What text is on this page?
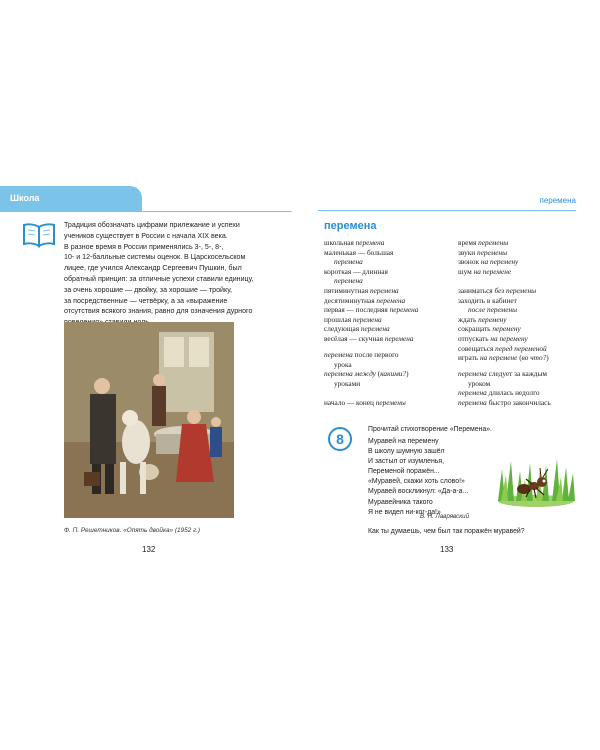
Школа	перемена
Традиция обозначать цифрами прилежание и успехи
учеников существует в России с начала XIX века.
В разное время в России применялись 3-, 5-, 8-,
10- и 12-балльные системы оценок. В Царскосельском
лицее, где учился Александр Сергеевич Пушкин, был
обратный принцип: за отличные успехи ставили единицу,
за очень хорошие — двойку, за хорошие — тройку,
за посредственные — четвёрку, а за «выражение
отсутствия всякого знания, равно для означения дурного
Ф. П. Решетников. «Опять двойка» (1952 г.)
132
перемена
школьная перемена
маленькая — большая
перемена
короткая — длинная
перемена
пятиминутная перемена
десятиминутная перемена
первая — последняя перемена
прошлая перемена
следующая перемена
весёлая — скучная перемена
время перемены
звуки перемены
звонок на перемену
шум на перемене
заниматься без перемены
заходить в кабинет
после перемены
ждать перемену
сокращать перемену
отпускать на перемену
совещаться перед переменой
играть на перемене (во что?)
перемена после первого
урока
перемена между (какими?)
уроками
начало — конец перемены
перемена следует за каждым
уроком
перемена длилась недолго
перемена быстро закончилась
8
Прочитай стихотворение «Перемена».
Муравей на перемену
В школу шумную зашёл
И застыл от изумленья,
Переменой поражён...
«Муравей, скажи хоть слово!»
Муравей воскликнул: «Да-а-а...
Муравейника такого
Я не видел ни-ког-да!»
В. Н. Лаврявский
Как ты думаешь, чем был так поражён муравей?
133
